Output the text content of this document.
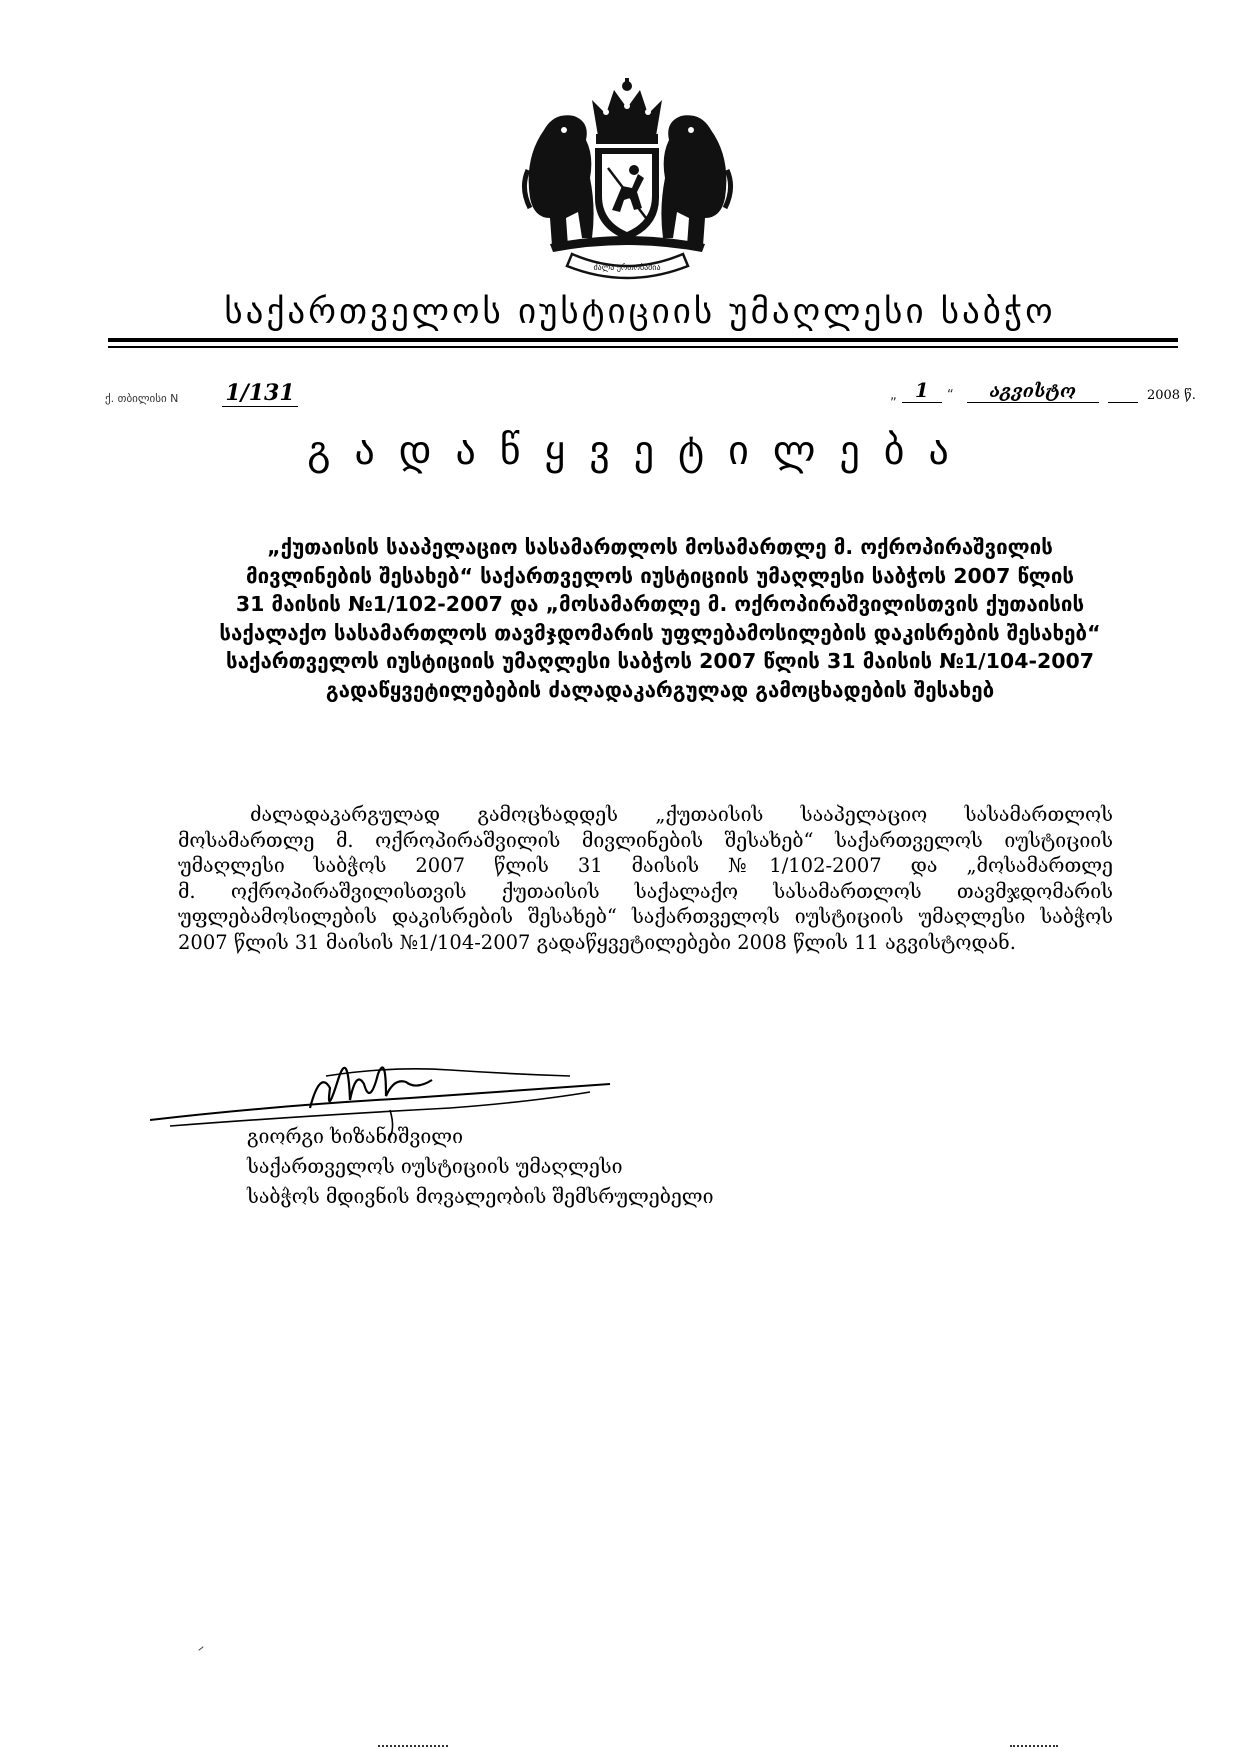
ძალა ერთობაშია
საქართველოს იუსტიციის უმაღლესი საბჭო
ქ. თბილისი N 1/131	„ 1 “ აგვისტო	2008 წ.
გადაწყვეტილება
„ქუთაისის სააპელაციო სასამართლოს მოსამართლე მ. ოქროპირაშვილის
მივლინების შესახებ“ საქართველოს იუსტიციის უმაღლესი საბჭოს 2007 წლის
31 მაისის №1/102-2007 და „მოსამართლე მ. ოქროპირაშვილისთვის ქუთაისის
საქალაქო სასამართლოს თავმჯდომარის უფლებამოსილების დაკისრების შესახებ“
საქართველოს იუსტიციის უმაღლესი საბჭოს 2007 წლის 31 მაისის №1/104-2007
გადაწყვეტილებების ძალადაკარგულად გამოცხადების შესახებ
ძალადაკარგულად გამოცხადდეს „ქუთაისის სააპელაციო სასამართლოს
მოსამართლე მ. ოქროპირაშვილის მივლინების შესახებ“ საქართველოს იუსტიციის
უმაღლესი საბჭოს 2007 წლის 31 მაისის №1/102-2007 და „მოსამართლე
მ. ოქროპირაშვილისთვის ქუთაისის საქალაქო სასამართლოს თავმჯდომარის
უფლებამოსილების დაკისრების შესახებ“ საქართველოს იუსტიციის უმაღლესი საბჭოს
2007 წლის 31 მაისის №1/104-2007 გადაწყვეტილებები 2008 წლის 11 აგვისტოდან.
გიორგი ხიზანიშვილი
საქართველოს იუსტიციის უმაღლესი
საბჭოს მდივნის მოვალეობის შემსრულებელი
